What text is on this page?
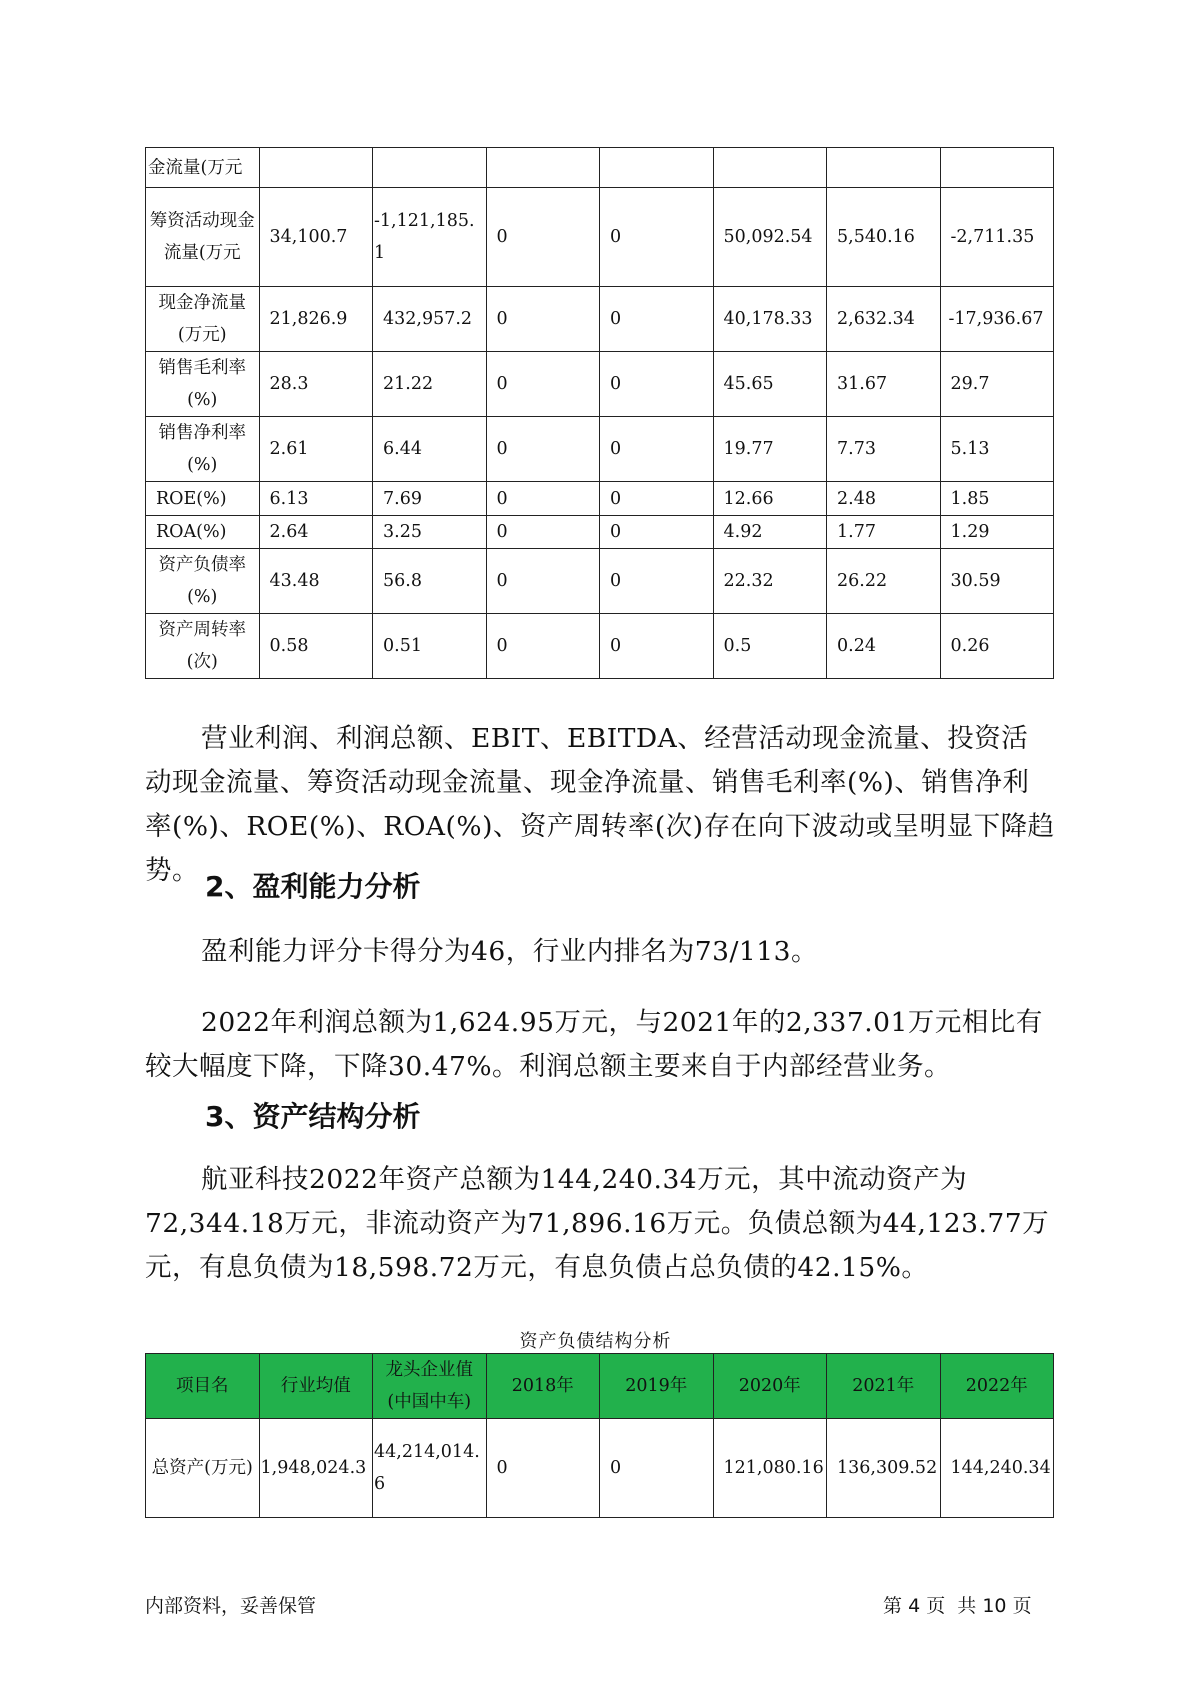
金流量(万元							
筹资活动现金流量(万元	34,100.7	-1,121,185.1	0	0	50,092.54	5,540.16	-2,711.35
现金净流量(万元)	21,826.9	432,957.2	0	0	40,178.33	2,632.34	-17,936.67
销售毛利率(%)	28.3	21.22	0	0	45.65	31.67	29.7
销售净利率(%)	2.61	6.44	0	0	19.77	7.73	5.13
ROE(%)	6.13	7.69	0	0	12.66	2.48	1.85
ROA(%)	2.64	3.25	0	0	4.92	1.77	1.29
资产负债率(%)	43.48	56.8	0	0	22.32	26.22	30.59
资产周转率(次)	0.58	0.51	0	0	0.5	0.24	0.26

营业利润、利润总额、EBIT、EBITDA、经营活动现金流量、投资活动现金流量、筹资活动现金流量、现金净流量、销售毛利率(%)、销售净利率(%)、ROE(%)、ROA(%)、资产周转率(次)存在向下波动或呈明显下降趋势。 2、盈利能力分析

盈利能力评分卡得分为46，行业内排名为73/113。

2022年利润总额为1,624.95万元，与2021年的2,337.01万元相比有较大幅度下降，下降30.47%。利润总额主要来自于内部经营业务。

3、资产结构分析

航亚科技2022年资产总额为144,240.34万元，其中流动资产为72,344.18万元，非流动资产为71,896.16万元。负债总额为44,123.77万元，有息负债为18,598.72万元，有息负债占总负债的42.15%。

资产负债结构分析

项目名	行业均值	龙头企业值(中国中车)	2018年	2019年	2020年	2021年	2022年
总资产(万元)	1,948,024.3	44,214,014.6	0	0	121,080.16	136,309.52	144,240.34

内部资料，妥善保管	第 4 页  共 10 页
